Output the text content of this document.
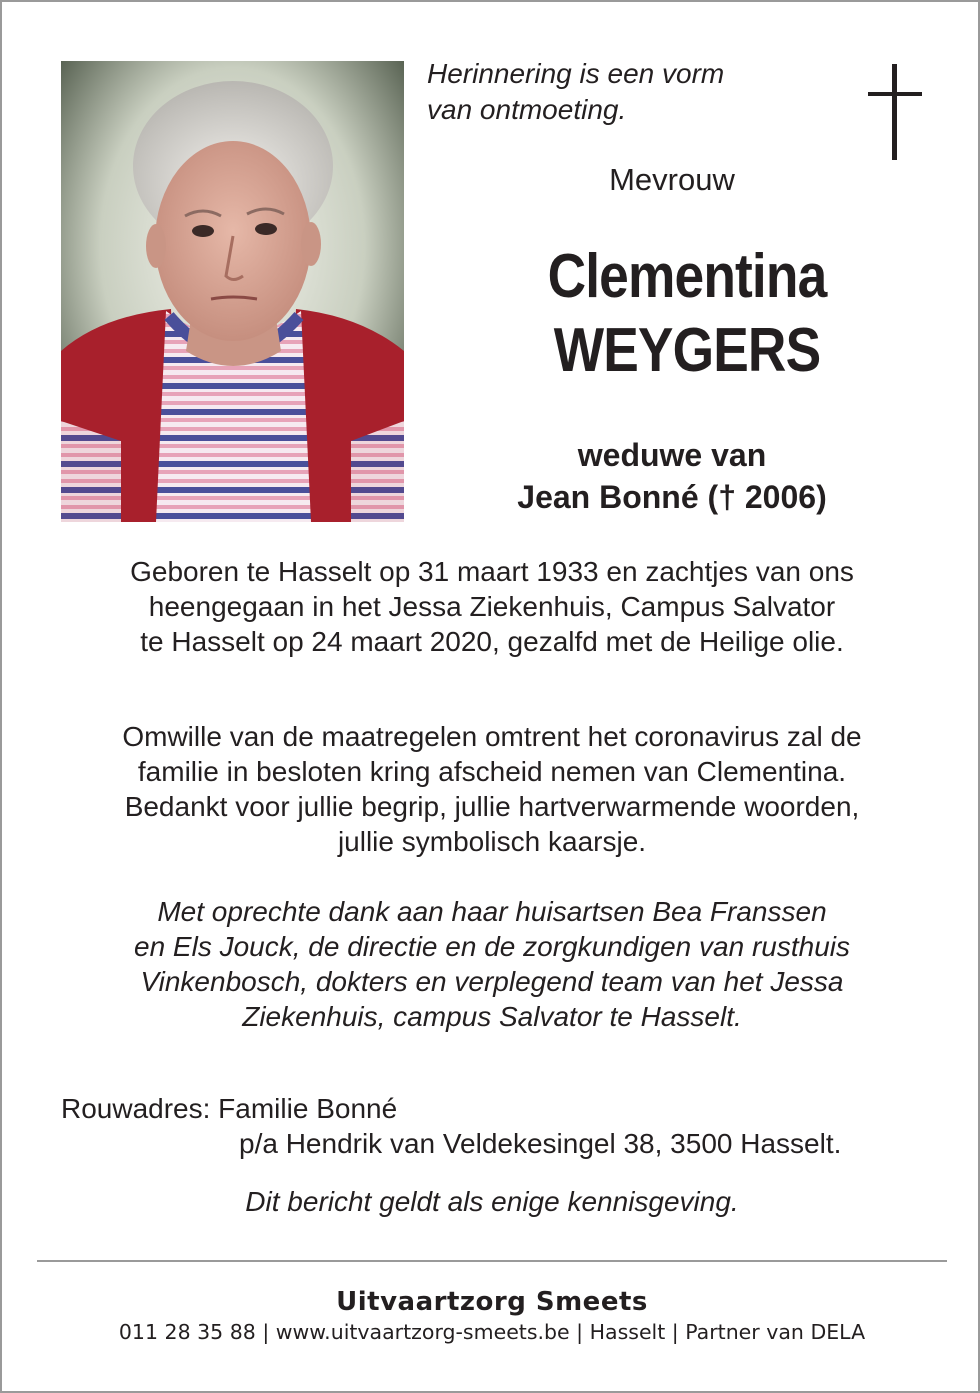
Herinnering is een vorm
van ontmoeting.
Mevrouw
Clementina
WEYGERS
weduwe van
Jean Bonné († 2006)
Geboren te Hasselt op 31 maart 1933 en zachtjes van ons
heengegaan in het Jessa Ziekenhuis, Campus Salvator
te Hasselt op 24 maart 2020, gezalfd met de Heilige olie.
Omwille van de maatregelen omtrent het coronavirus zal de
familie in besloten kring afscheid nemen van Clementina.
Bedankt voor jullie begrip, jullie hartverwarmende woorden,
jullie symbolisch kaarsje.
Met oprechte dank aan haar huisartsen Bea Franssen
en Els Jouck, de directie en de zorgkundigen van rusthuis
Vinkenbosch, dokters en verplegend team van het Jessa
Ziekenhuis, campus Salvator te Hasselt.
Rouwadres: Familie Bonné
p/a Hendrik van Veldekesingel 38, 3500 Hasselt.
Dit bericht geldt als enige kennisgeving.
Uitvaartzorg Smeets
011 28 35 88 | www.uitvaartzorg-smeets.be | Hasselt | Partner van DELA
